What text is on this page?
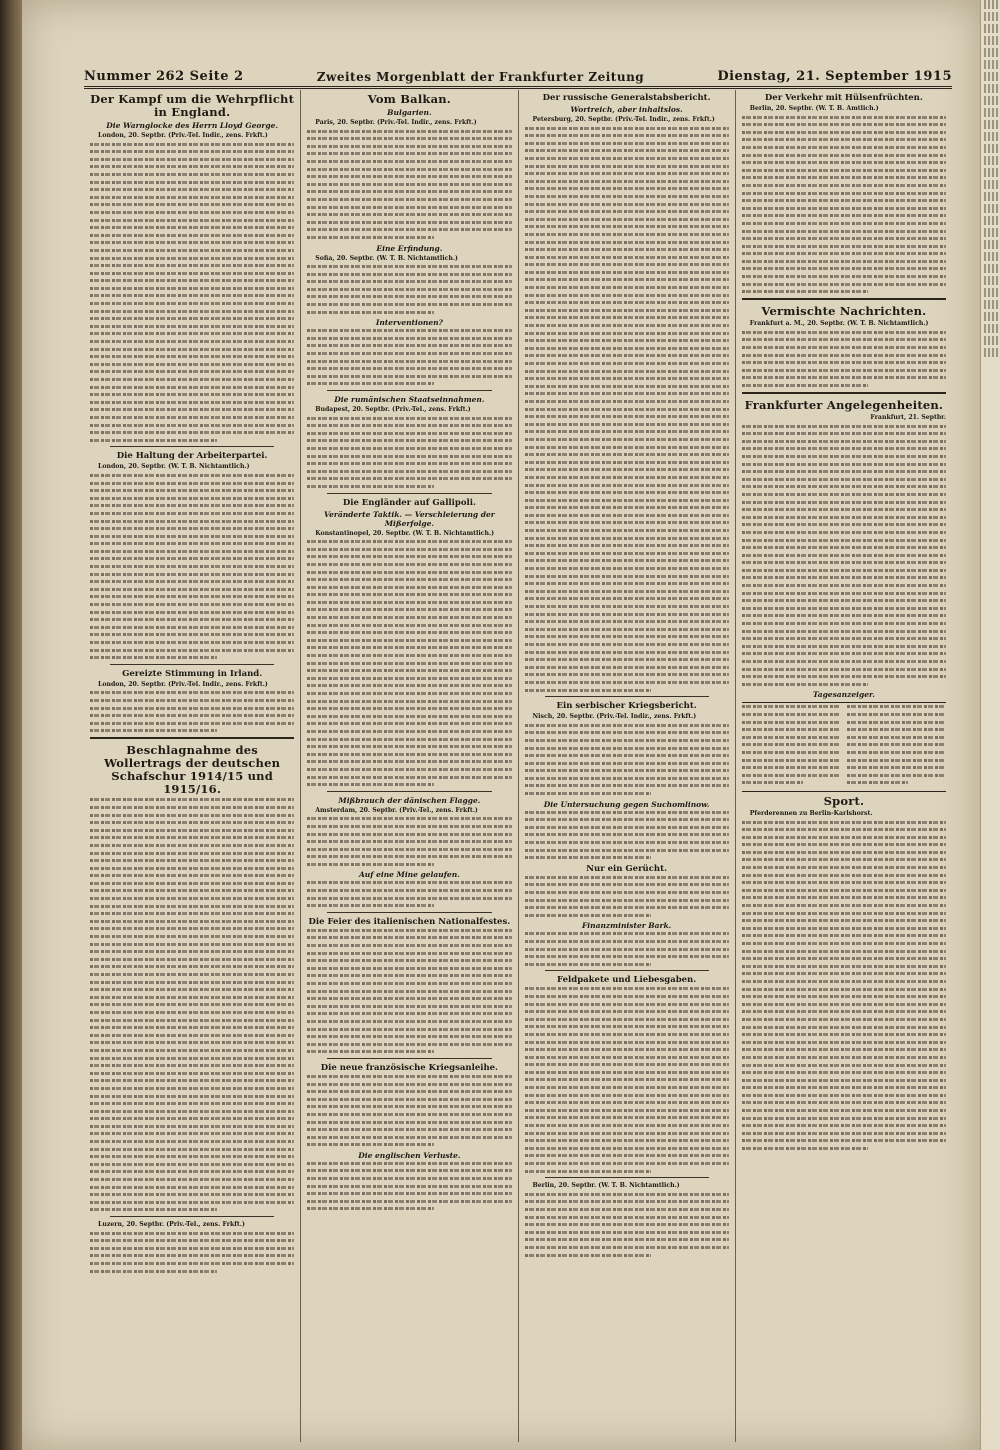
Nummer 262 Seite 2	Zweites Morgenblatt der Frankfurter Zeitung	Dienstag, 21. September 1915
Der Kampf um die Wehrpflicht in England.
Die Warnglocke des Herrn Lloyd George.
London, 20. Septbr. (Priv.-Tel. Indir., zens. Frkft.)
Die Haltung der Arbeiterpartei.
London, 20. Septbr. (W. T. B. Nichtamtlich.)
Gereizte Stimmung in Irland.
London, 20. Septbr. (Priv.-Tel. Indir., zens. Frkft.)
Beschlagnahme des Wollertrags der deutschen Schafschur 1914/15 und 1915/16.
Luzern, 20. Septbr. (Priv.-Tel., zens. Frkft.)
Vom Balkan.
Bulgarien.
Paris, 20. Septbr. (Priv.-Tel. Indir., zens. Frkft.)
Eine Erfindung.
Sofia, 20. Septbr. (W. T. B. Nichtamtlich.)
Interventionen?
Die rumänischen Staatseinnahmen.
Budapest, 20. Septbr. (Priv.-Tel., zens. Frkft.)
Die Engländer auf Gallipoli.
Veränderte Taktik. — Verschleierung der Mißerfolge.
Konstantinopel, 20. Septbr. (W. T. B. Nichtamtlich.)
Mißbrauch der dänischen Flagge.
Amsterdam, 20. Septbr. (Priv.-Tel., zens. Frkft.)
Auf eine Mine gelaufen.
Die Feier des italienischen Nationalfestes.
Die neue französische Kriegsanleihe.
Die englischen Verluste.
Der russische Generalstabsbericht.
Wortreich, aber inhaltslos.
Petersburg, 20. Septbr. (Priv.-Tel. Indir., zens. Frkft.)
Ein serbischer Kriegsbericht.
Nisch, 20. Septbr. (Priv.-Tel. Indir., zens. Frkft.)
Die Untersuchung gegen Suchomlinow.
Nur ein Gerücht.
Finanzminister Bark.
Feldpakete und Liebesgaben.
Berlin, 20. Septbr. (W. T. B. Nichtamtlich.)
Der Verkehr mit Hülsenfrüchten.
Berlin, 20. Septbr. (W. T. B. Amtlich.)
Vermischte Nachrichten.
Frankfurt a. M., 20. Septbr. (W. T. B. Nichtamtlich.)
Frankfurter Angelegenheiten.
Frankfurt, 21. Septbr.
Tagesanzeiger.
Sport.
Pferderennen zu Berlin-Karlshorst.
